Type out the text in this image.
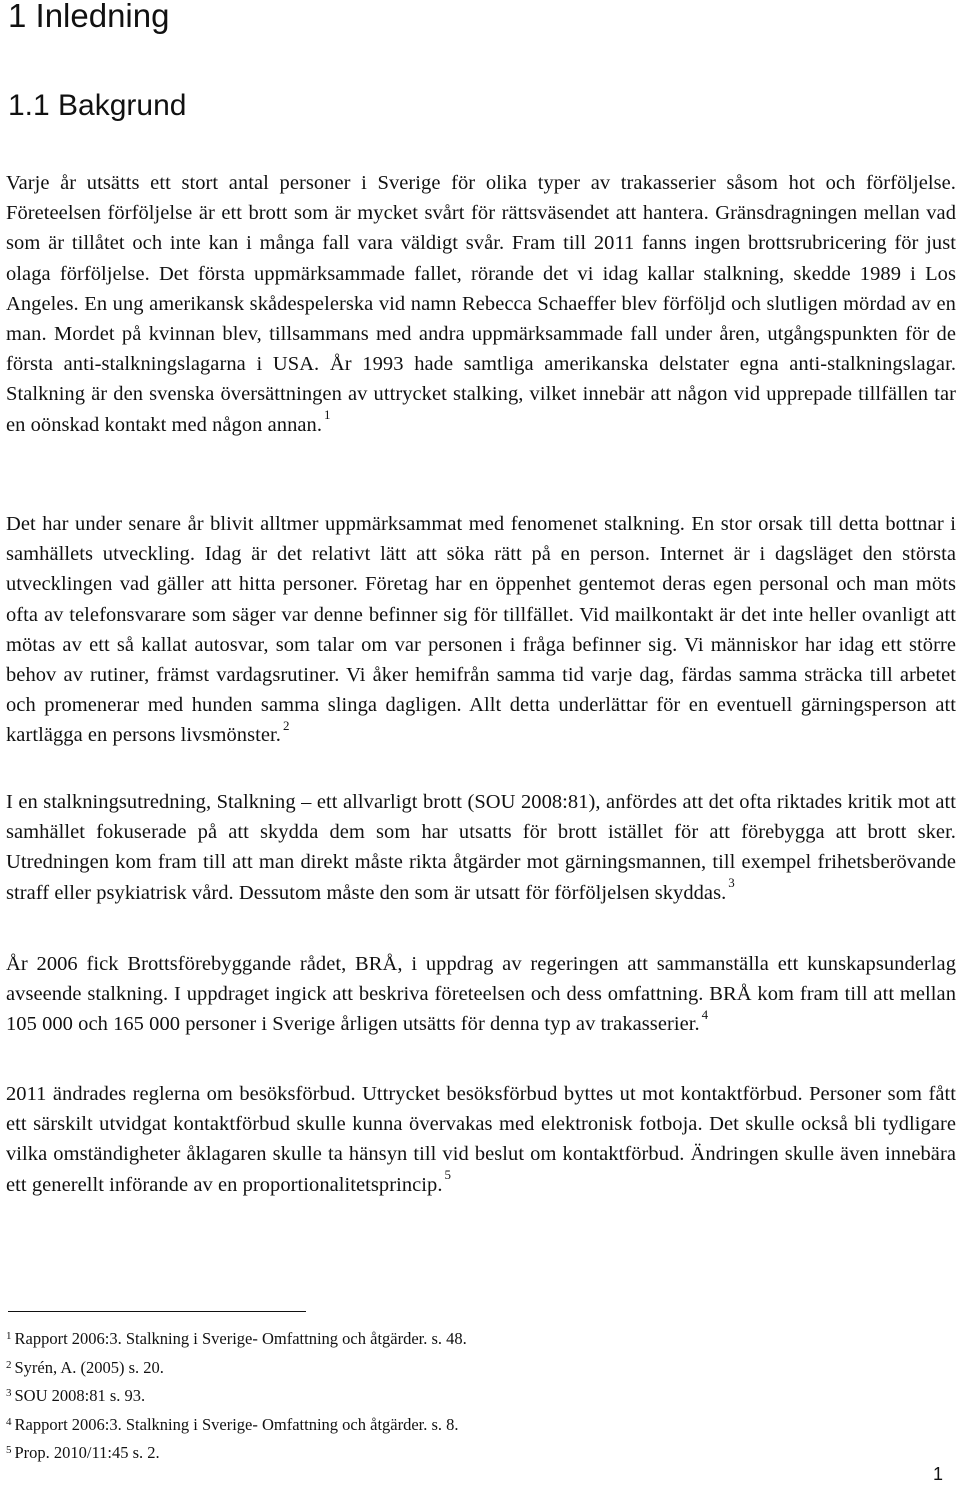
1 Inledning
1.1 Bakgrund

Varje år utsätts ett stort antal personer i Sverige för olika typer av trakasserier såsom hot och förföljelse. Företeelsen förföljelse är ett brott som är mycket svårt för rättsväsendet att hantera. Gränsdragningen mellan vad som är tillåtet och inte kan i många fall vara väldigt svår. Fram till 2011 fanns ingen brottsrubricering för just olaga förföljelse. Det första uppmärksammade fallet, rörande det vi idag kallar stalkning, skedde 1989 i Los Angeles. En ung amerikansk skådespelerska vid namn Rebecca Schaeffer blev förföljd och slutligen mördad av en man. Mordet på kvinnan blev, tillsammans med andra uppmärksammade fall under åren, utgångspunkten för de första anti-stalkningslagarna i USA. År 1993 hade samtliga amerikanska delstater egna anti-stalkningslagar. Stalkning är den svenska översättningen av uttrycket stalking, vilket innebär att någon vid upprepade tillfällen tar en oönskad kontakt med någon annan. $^1$

Det har under senare år blivit alltmer uppmärksammat med fenomenet stalkning. En stor orsak till detta bottnar i samhällets utveckling. Idag är det relativt lätt att söka rätt på en person. Internet är i dagsläget den största utvecklingen vad gäller att hitta personer. Företag har en öppenhet gentemot deras egen personal och man möts ofta av telefonsvarare som säger var denne befinner sig för tillfället. Vid mailkontakt är det inte heller ovanligt att mötas av ett så kallat autosvar, som talar om var personen i fråga befinner sig. Vi människor har idag ett större behov av rutiner, främst vardagsrutiner. Vi åker hemifrån samma tid varje dag, färdas samma sträcka till arbetet och promenerar med hunden samma slinga dagligen. Allt detta underlättar för en eventuell gärningsperson att kartlägga en persons livsmönster. $^2$

I en stalkningsutredning, Stalkning – ett allvarligt brott (SOU 2008:81), anfördes att det ofta riktades kritik mot att samhället fokuserade på att skydda dem som har utsatts för brott istället för att förebygga att brott sker. Utredningen kom fram till att man direkt måste rikta åtgärder mot gärningsmannen, till exempel frihetsberövande straff eller psykiatrisk vård. Dessutom måste den som är utsatt för förföljelsen skyddas. $^3$

År 2006 fick Brottsförebyggande rådet, BRÅ, i uppdrag av regeringen att sammanställa ett kunskapsunderlag avseende stalkning. I uppdraget ingick att beskriva företeelsen och dess omfattning. BRÅ kom fram till att mellan 105 000 och 165 000 personer i Sverige årligen utsätts för denna typ av trakasserier. $^4$

2011 ändrades reglerna om besöksförbud. Uttrycket besöksförbud byttes ut mot kontaktförbud. Personer som fått ett särskilt utvidgat kontaktförbud skulle kunna övervakas med elektronisk fotboja. Det skulle också bli tydligare vilka omständigheter åklagaren skulle ta hänsyn till vid beslut om kontaktförbud. Ändringen skulle även innebära ett generellt införande av en proportionalitetsprincip. $^5$

$^1$ Rapport 2006:3. Stalkning i Sverige- Omfattning och åtgärder. s. 48.
$^2$ Syrén, A. (2005) s. 20.
$^3$ SOU 2008:81 s. 93.
$^4$ Rapport 2006:3. Stalkning i Sverige- Omfattning och åtgärder. s. 8.
$^5$ Prop. 2010/11:45 s. 2.
1
